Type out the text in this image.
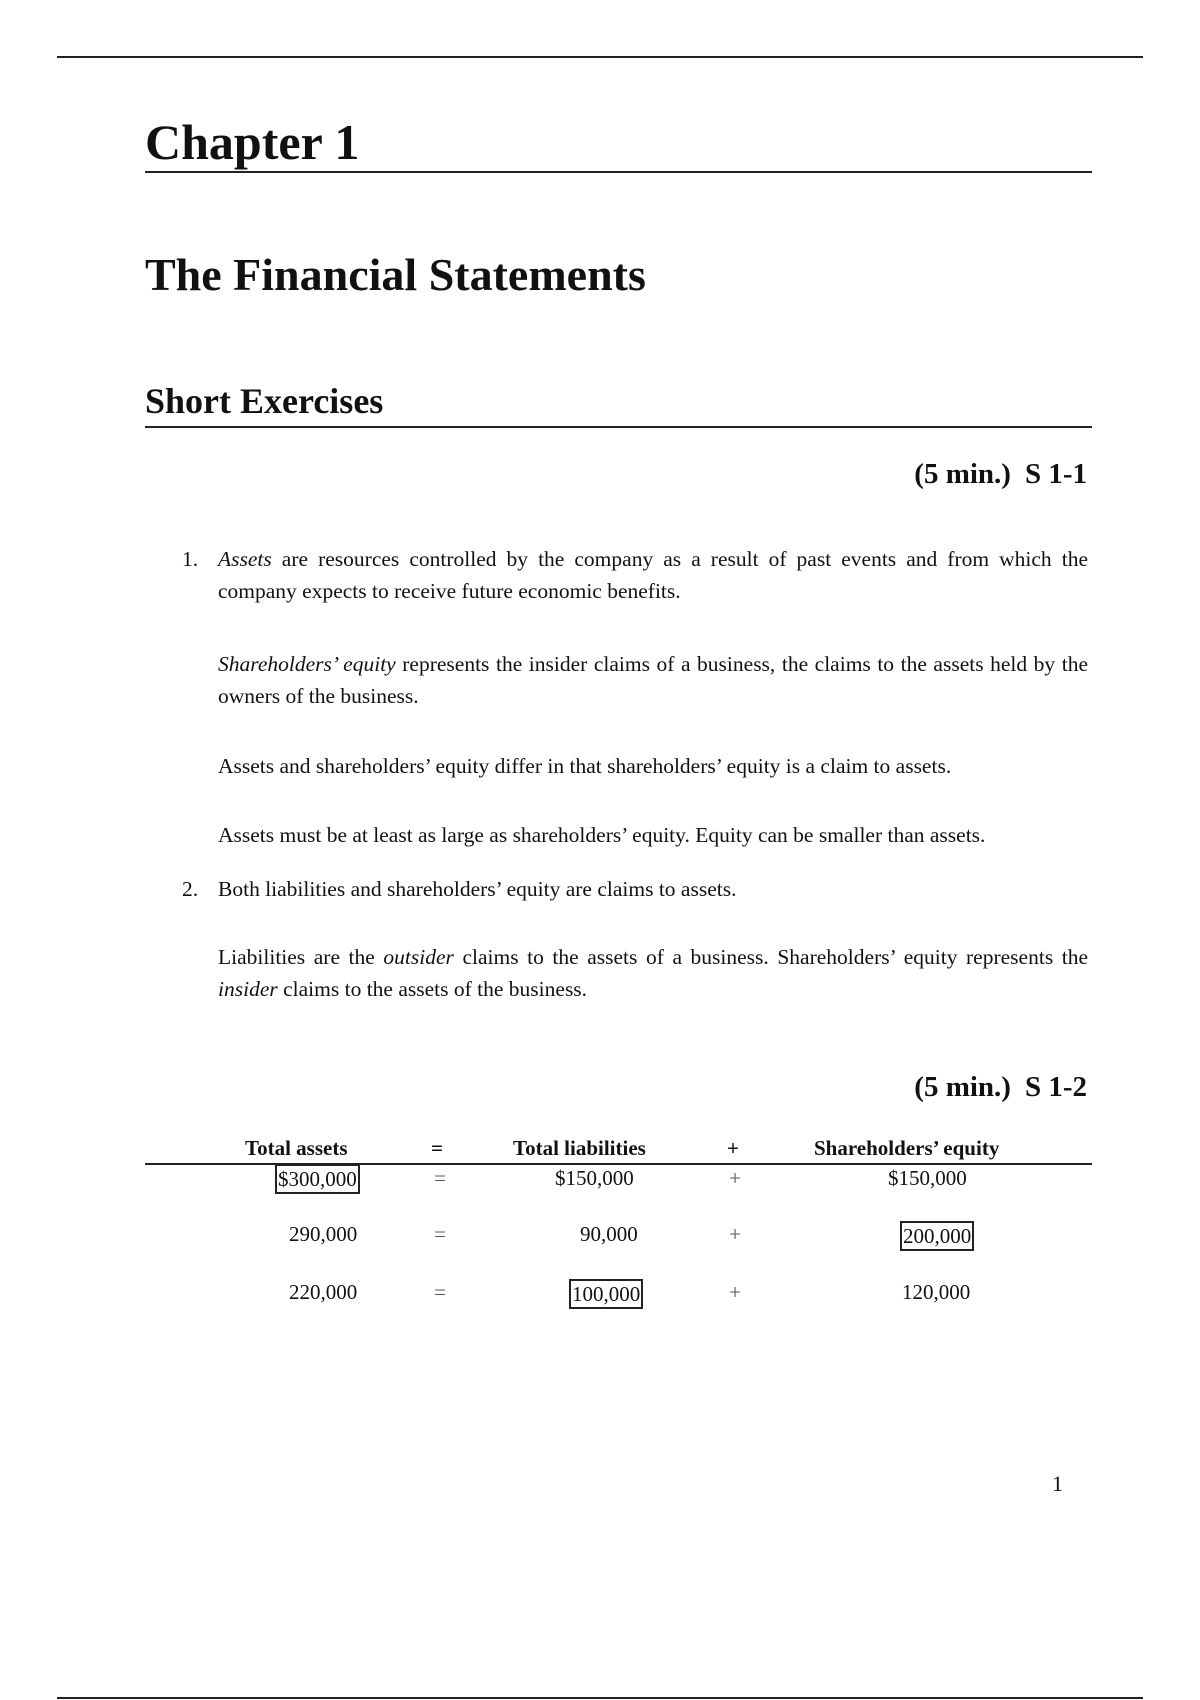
Chapter 1
The Financial Statements
Short Exercises
(5 min.) S 1-1
1. Assets are resources controlled by the company as a result of past events and from which the company expects to receive future economic benefits.

Shareholders’ equity represents the insider claims of a business, the claims to the assets held by the owners of the business.

Assets and shareholders’ equity differ in that shareholders’ equity is a claim to assets.

Assets must be at least as large as shareholders’ equity. Equity can be smaller than assets.

2. Both liabilities and shareholders’ equity are claims to assets.

Liabilities are the outsider claims to the assets of a business. Shareholders’ equity represents the insider claims to the assets of the business.

(5 min.) S 1-2
Total assets	=	Total liabilities	+	Shareholders’ equity
$300,000	=	$150,000	+	$150,000
290,000	=	90,000	+	200,000
220,000	=	100,000	+	120,000
1
